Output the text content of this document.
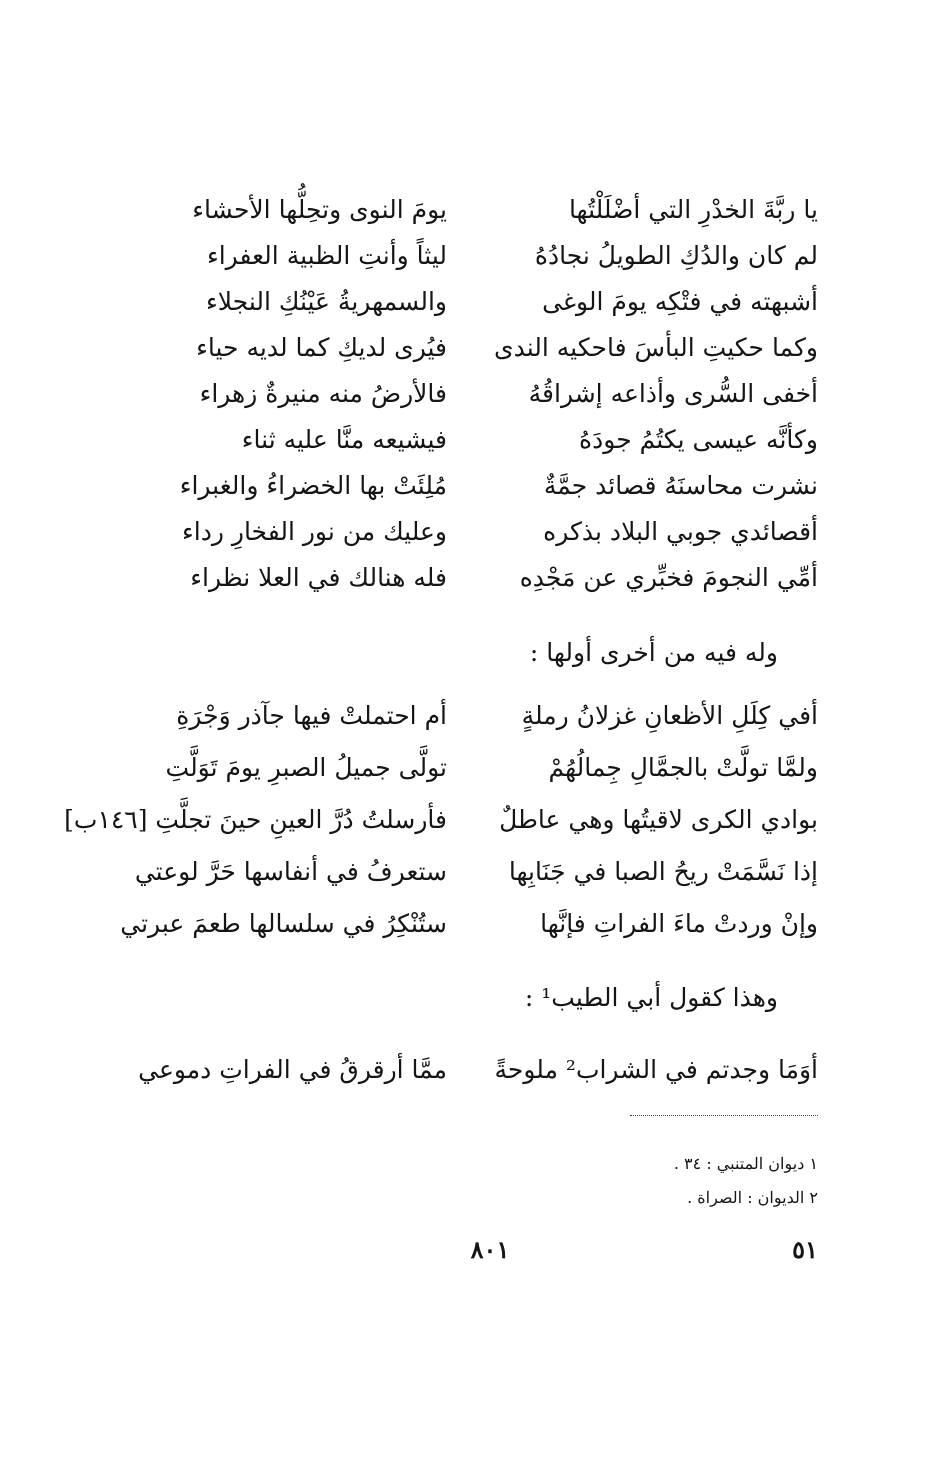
يا ربَّةَ الخدْرِ التي أضْلَلْتُها
يومَ النوى وتحِلُّها الأحشاء
لم كان والدُكِ الطويلُ نجادُهُ
ليثاً وأنتِ الظبية العفراء
أشبهته في فتْكِه يومَ الوغى
والسمهريةُ عَيْنُكِ النجلاء
وكما حكيتِ البأسَ فاحكيه الندى
فيُرى لديكِ كما لديه حياء
أخفى السُّرى وأذاعه إشراقُهُ
فالأرضُ منه منيرةٌ زهراء
وكأنَّه عيسى يكتُمُ جودَهُ
فيشيعه منَّا عليه ثناء
نشرت محاسنَهُ قصائد جمَّةٌ
مُلِئَتْ بها الخضراءُ والغبراء
أقصائدي جوبي البلاد بذكره
وعليك من نور الفخارِ رداء
أمِّي النجومَ فخبِّري عن مَجْدِه
فله هنالك في العلا نظراء
وله فيه من أخرى أولها :
أفي كِلَلِ الأظعانِ غزلانُ رملةٍ
أم احتملتْ فيها جآذر وَجْرَةِ
ولمَّا تولَّتْ بالجمَّالِ جِمالُهُمْ
تولَّى جميلُ الصبرِ يومَ تَوَلَّتِ
بوادي الكرى لاقيتُها وهي عاطلٌ
فأرسلتُ دُرَّ العينِ حينَ تجلَّتِ [١٤٦ب]
إذا نَسَّمَتْ ريحُ الصبا في جَنَابِها
ستعرفُ في أنفاسها حَرَّ لوعتي
وإنْ وردتْ ماءَ الفراتِ فإنَّها
ستُنْكِرُ في سلسالها طعمَ عبرتي
وهذا كقول أبي الطيب¹ :
أوَمَا وجدتم في الشراب² ملوحةً
ممَّا أرقرقُ في الفراتِ دموعي
١ ديوان المتنبي : ٣٤ .
٢ الديوان : الصراة .
٥١
٨٠١
